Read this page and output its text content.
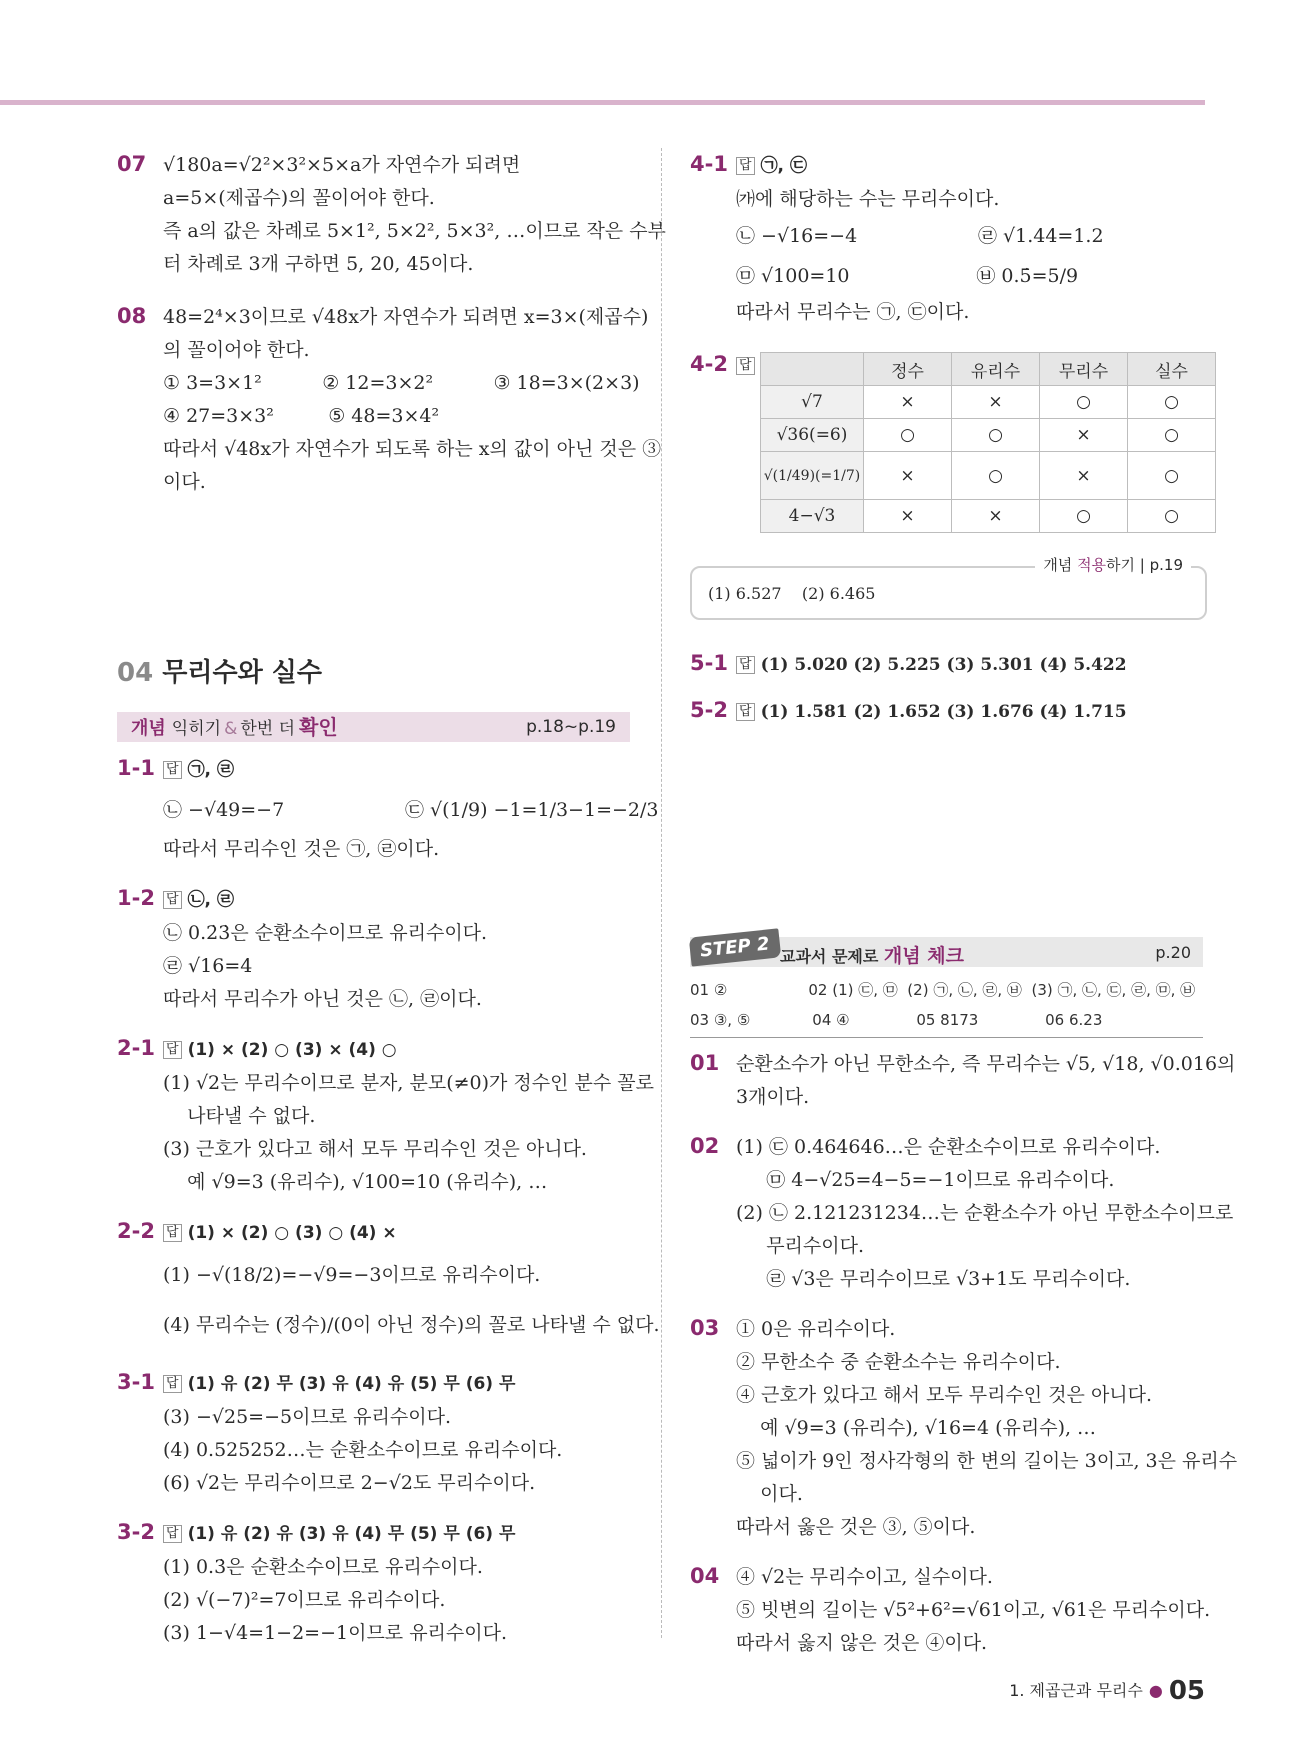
07 √180a=√2²×3²×5×a가 자연수가 되려면
a=5×(제곱수)의 꼴이어야 한다.
즉 a의 값은 차례로 5×1², 5×2², 5×3², …이므로 작은 수부
터 차례로 3개 구하면 5, 20, 45이다.
08 48=2⁴×3이므로 √48x가 자연수가 되려면 x=3×(제곱수)
의 꼴이어야 한다.
① 3=3×1²          ② 12=3×2²          ③ 18=3×(2×3)
④ 27=3×3²         ⑤ 48=3×4²
따라서 √48x가 자연수가 되도록 하는 x의 값이 아닌 것은 ③
이다.
04 무리수와 실수
개념 익히기 & 한번 더 확인	p.18~p.19
1-1 답 ㉠, ㉣
㉡ −√49=−7                    ㉢ √(1/9) −1=1/3−1=−2/3
따라서 무리수인 것은 ㉠, ㉣이다.
1-2 답 ㉡, ㉣
㉡ 0.2̇3̇은 순환소수이므로 유리수이다.
㉣ √16=4
따라서 무리수가 아닌 것은 ㉡, ㉣이다.
2-1 답 (1) × (2) ○ (3) × (4) ○
(1) √2는 무리수이므로 분자, 분모(≠0)가 정수인 분수 꼴로
나타낼 수 없다.
(3) 근호가 있다고 해서 모두 무리수인 것은 아니다.
예 √9=3 (유리수), √100=10 (유리수), …
2-2 답 (1) × (2) ○ (3) ○ (4) ×
(1) −√(18/2)=−√9=−3이므로 유리수이다.
(4) 무리수는 (정수)/(0이 아닌 정수)의 꼴로 나타낼 수 없다.
3-1 답 (1) 유 (2) 무 (3) 유 (4) 유 (5) 무 (6) 무
(3) −√25=−5이므로 유리수이다.
(4) 0.525252…는 순환소수이므로 유리수이다.
(6) √2는 무리수이므로 2−√2도 무리수이다.
3-2 답 (1) 유 (2) 유 (3) 유 (4) 무 (5) 무 (6) 무
(1) 0.3̇은 순환소수이므로 유리수이다.
(2) √(−7)²=7이므로 유리수이다.
(3) 1−√4=1−2=−1이므로 유리수이다.
4-1 답 ㉠, ㉢
㈎에 해당하는 수는 무리수이다.
㉡ −√16=−4                    ㉣ √1.44=1.2
㉤ √100=10                     ㉥ 0.5̇=5/9
따라서 무리수는 ㉠, ㉢이다.
4-2 답
		정수	유리수	무리수	실수
√7	×	×	○	○
√36(=6)	○	○	×	○
√(1/49)(=1/7)	×	○	×	○
4−√3	×	×	○	○
개념 적용하기 | p.19
(1) 6.527    (2) 6.465
5-1 답 (1) 5.020 (2) 5.225 (3) 5.301 (4) 5.422
5-2 답 (1) 1.581 (2) 1.652 (3) 1.676 (4) 1.715
STEP 2 교과서 문제로 개념 체크	p.20
01 ②                 02 (1) ㉢, ㉤  (2) ㉠, ㉡, ㉣, ㉥  (3) ㉠, ㉡, ㉢, ㉣, ㉤, ㉥
03 ③, ⑤             04 ④              05 8173              06 6.23
01 순환소수가 아닌 무한소수, 즉 무리수는 √5, √18, √0.016의
3개이다.
02 (1) ㉢ 0.464646…은 순환소수이므로 유리수이다.
㉤ 4−√25=4−5=−1이므로 유리수이다.
(2) ㉡ 2.121231234…는 순환소수가 아닌 무한소수이므로
무리수이다.
㉣ √3은 무리수이므로 √3+1도 무리수이다.
03 ① 0은 유리수이다.
② 무한소수 중 순환소수는 유리수이다.
④ 근호가 있다고 해서 모두 무리수인 것은 아니다.
예 √9=3 (유리수), √16=4 (유리수), …
⑤ 넓이가 9인 정사각형의 한 변의 길이는 3이고, 3은 유리수
이다.
따라서 옳은 것은 ③, ⑤이다.
04 ④ √2는 무리수이고, 실수이다.
⑤ 빗변의 길이는 √5²+6²=√61이고, √61은 무리수이다.
따라서 옳지 않은 것은 ④이다.
1. 제곱근과 무리수 ● 05
